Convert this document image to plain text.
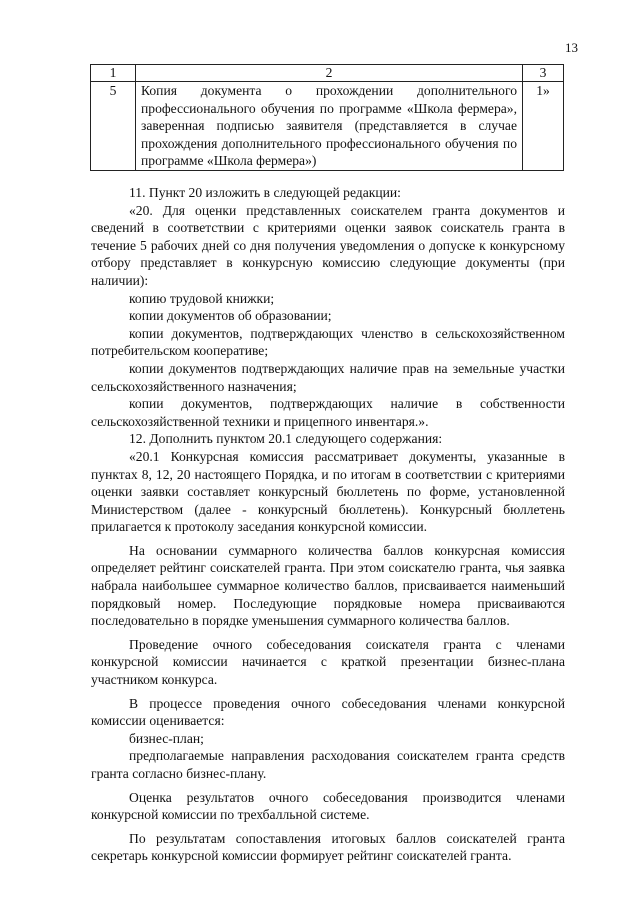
13

1	2	3
5	Копия документа о прохождении дополнительного профессионального обучения по программе «Школа фермера», заверенная подписью заявителя (представляется в случае прохождения дополнительного профессионального обучения по программе «Школа фермера»)	1»

11. Пункт 20 изложить в следующей редакции:

«20. Для оценки представленных соискателем гранта документов и сведений в соответствии с критериями оценки заявок соискатель гранта в течение 5 рабочих дней со дня получения уведомления о допуске к конкурсному отбору представляет в конкурсную комиссию следующие документы (при наличии):

копию трудовой книжки;

копии документов об образовании;

копии документов, подтверждающих членство в сельскохозяйственном потребительском кооперативе;

копии документов подтверждающих наличие прав на земельные участки сельскохозяйственного назначения;

копии документов, подтверждающих наличие в собственности сельскохозяйственной техники и прицепного инвентаря.».

12. Дополнить пунктом 20.1 следующего содержания:

«20.1 Конкурсная комиссия рассматривает документы, указанные в пунктах 8, 12, 20 настоящего Порядка, и по итогам в соответствии с критериями оценки заявки составляет конкурсный бюллетень по форме, установленной Министерством (далее - конкурсный бюллетень). Конкурсный бюллетень прилагается к протоколу заседания конкурсной комиссии.

На основании суммарного количества баллов конкурсная комиссия определяет рейтинг соискателей гранта. При этом соискателю гранта, чья заявка набрала наибольшее суммарное количество баллов, присваивается наименьший порядковый номер. Последующие порядковые номера присваиваются последовательно в порядке уменьшения суммарного количества баллов.

Проведение очного собеседования соискателя гранта с членами конкурсной комиссии начинается с краткой презентации бизнес-плана участником конкурса.

В процессе проведения очного собеседования членами конкурсной комиссии оценивается:

бизнес-план;

предполагаемые направления расходования соискателем гранта средств гранта согласно бизнес-плану.

Оценка результатов очного собеседования производится членами конкурсной комиссии по трехбалльной системе.

По результатам сопоставления итоговых баллов соискателей гранта секретарь конкурсной комиссии формирует рейтинг соискателей гранта.
